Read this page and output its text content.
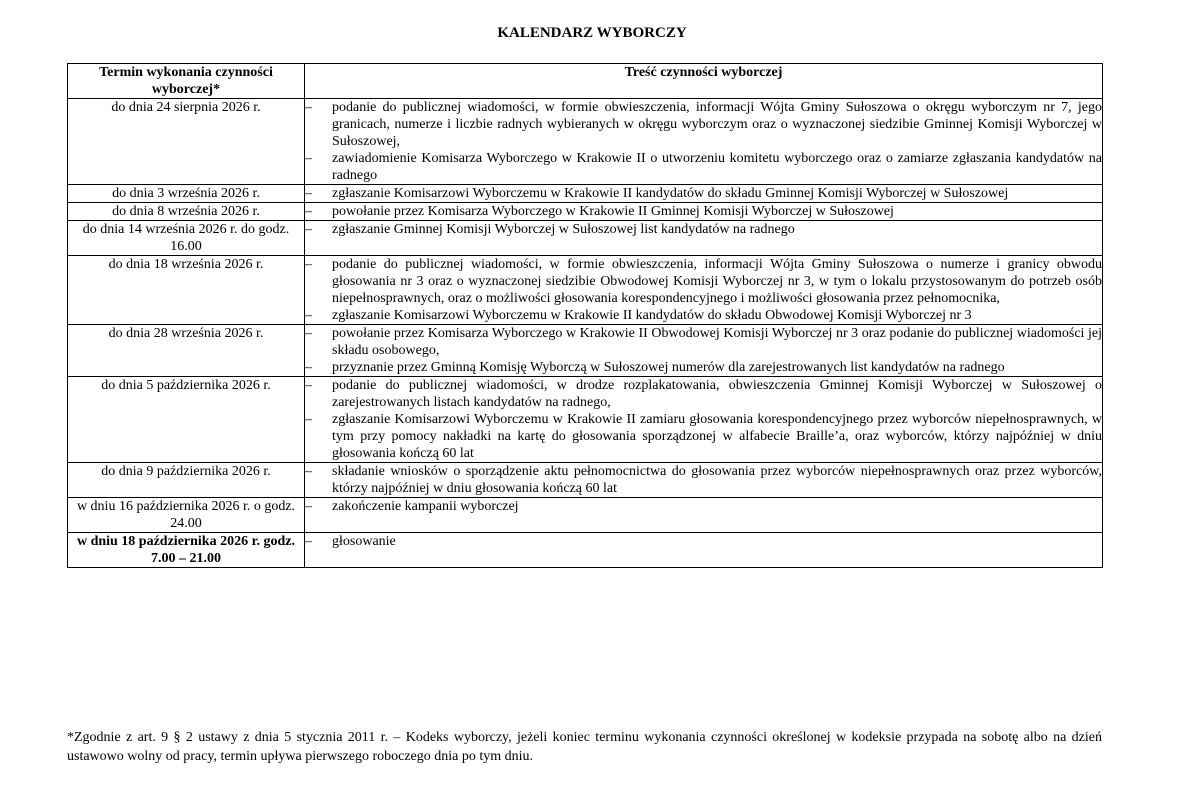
KALENDARZ WYBORCZY
Termin wykonania czynności wyborczej*	Treść czynności wyborczej
do dnia 24 sierpnia 2026 r.	– podanie do publicznej wiadomości, w formie obwieszczenia, informacji Wójta Gminy Sułoszowa o okręgu wyborczym nr 7, jego granicach, numerze i liczbie radnych wybieranych w okręgu wyborczym oraz o wyznaczonej siedzibie Gminnej Komisji Wyborczej w Sułoszowej,
– zawiadomienie Komisarza Wyborczego w Krakowie II o utworzeniu komitetu wyborczego oraz o zamiarze zgłaszania kandydatów na radnego

do dnia 3 września 2026 r.	– zgłaszanie Komisarzowi Wyborczemu w Krakowie II kandydatów do składu Gminnej Komisji Wyborczej w Sułoszowej

do dnia 8 września 2026 r.	– powołanie przez Komisarza Wyborczego w Krakowie II Gminnej Komisji Wyborczej w Sułoszowej

do dnia 14 września 2026 r. do godz. 16.00	– zgłaszanie Gminnej Komisji Wyborczej w Sułoszowej list kandydatów na radnego

do dnia 18 września 2026 r.	– podanie do publicznej wiadomości, w formie obwieszczenia, informacji Wójta Gminy Sułoszowa o numerze i granicy obwodu głosowania nr 3 oraz o wyznaczonej siedzibie Obwodowej Komisji Wyborczej nr 3, w tym o lokalu przystosowanym do potrzeb osób niepełnosprawnych, oraz o możliwości głosowania korespondencyjnego i możliwości głosowania przez pełnomocnika,
– zgłaszanie Komisarzowi Wyborczemu w Krakowie II kandydatów do składu Obwodowej Komisji Wyborczej nr 3

do dnia 28 września 2026 r.	– powołanie przez Komisarza Wyborczego w Krakowie II Obwodowej Komisji Wyborczej nr 3 oraz podanie do publicznej wiadomości jej składu osobowego,
– przyznanie przez Gminną Komisję Wyborczą w Sułoszowej numerów dla zarejestrowanych list kandydatów na radnego

do dnia 5 października 2026 r.	– podanie do publicznej wiadomości, w drodze rozplakatowania, obwieszczenia Gminnej Komisji Wyborczej w Sułoszowej o zarejestrowanych listach kandydatów na radnego,
– zgłaszanie Komisarzowi Wyborczemu w Krakowie II zamiaru głosowania korespondencyjnego przez wyborców niepełnosprawnych, w tym przy pomocy nakładki na kartę do głosowania sporządzonej w alfabecie Braille’a, oraz wyborców, którzy najpóźniej w dniu głosowania kończą 60 lat

do dnia 9 października 2026 r.	– składanie wniosków o sporządzenie aktu pełnomocnictwa do głosowania przez wyborców niepełnosprawnych oraz przez wyborców, którzy najpóźniej w dniu głosowania kończą 60 lat

w dniu 16 października 2026 r. o godz. 24.00	– zakończenie kampanii wyborczej

w dniu 18 października 2026 r. godz. 7.00 – 21.00	– głosowanie
*Zgodnie z art. 9 § 2 ustawy z dnia 5 stycznia 2011 r. – Kodeks wyborczy, jeżeli koniec terminu wykonania czynności określonej w kodeksie przypada na sobotę albo na dzień ustawowo wolny od pracy, termin upływa pierwszego roboczego dnia po tym dniu.
